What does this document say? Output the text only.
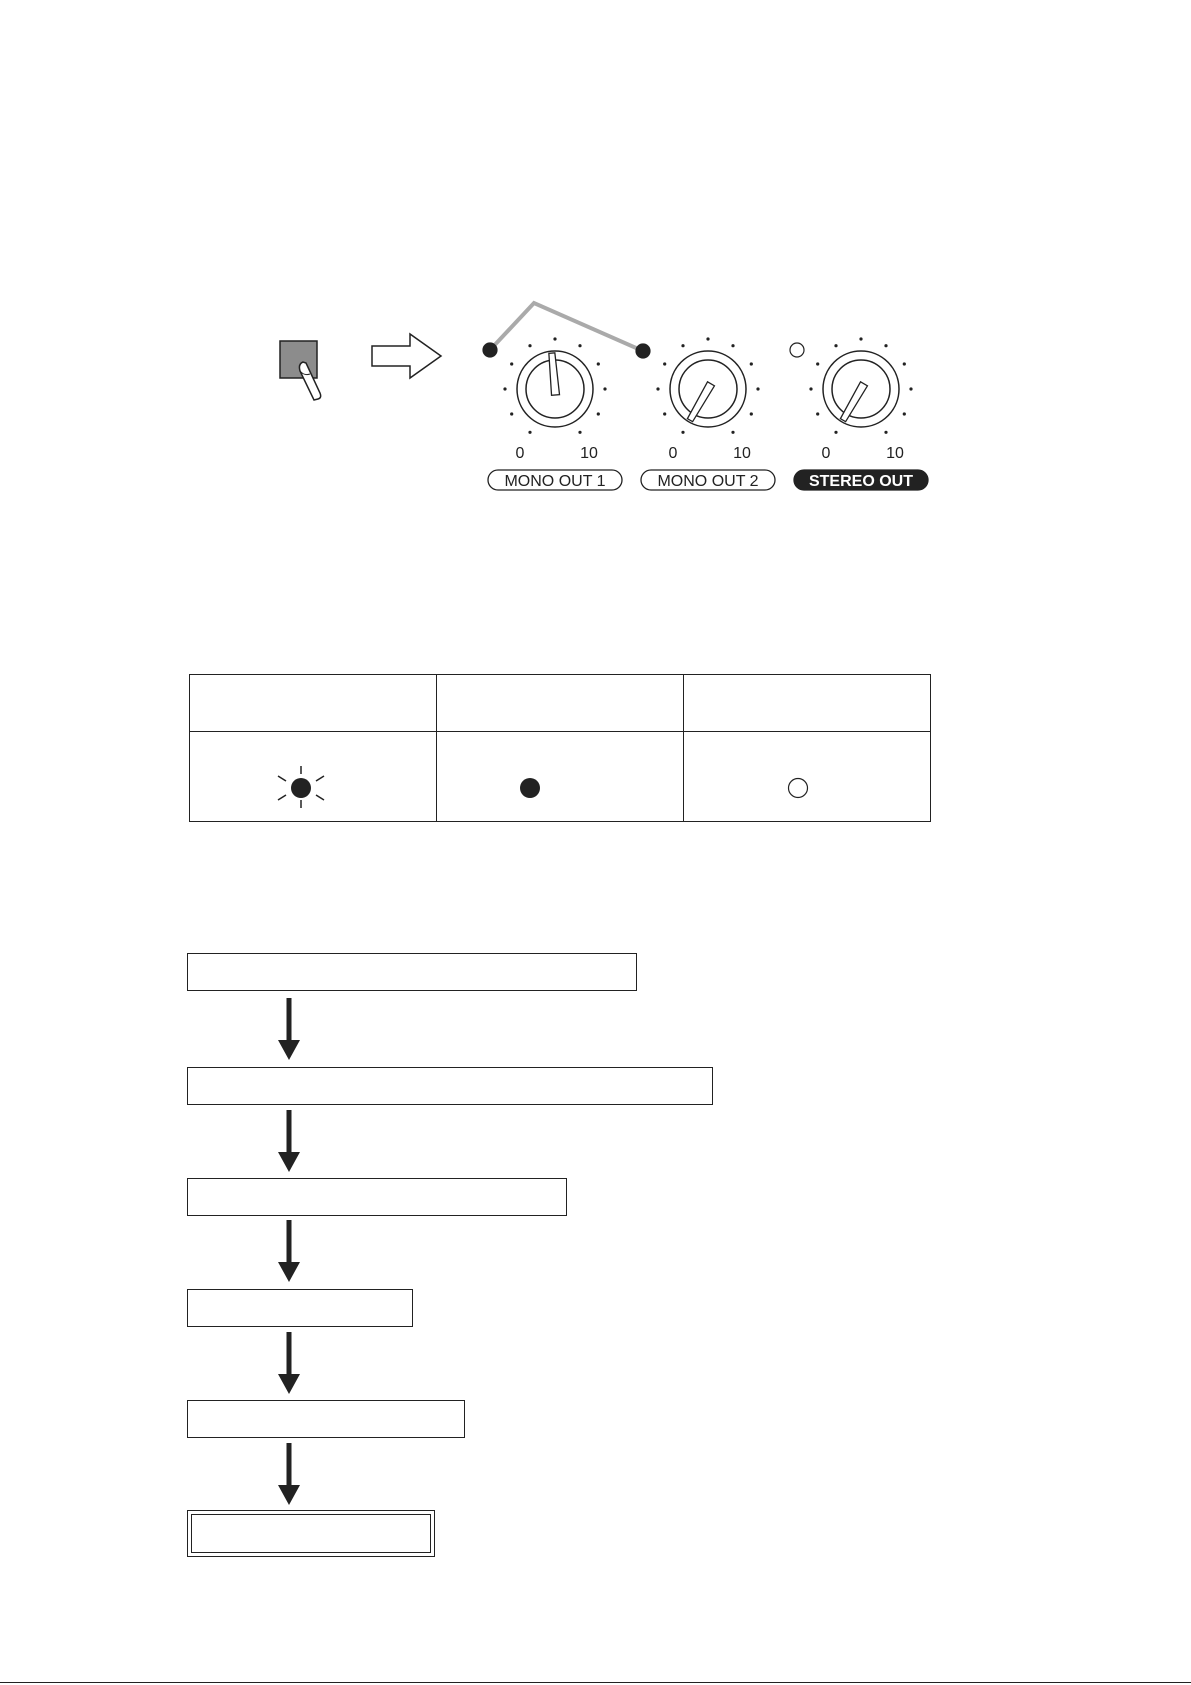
0	10
MONO OUT 1
0	10
MONO OUT 2
0	10
STEREO OUT
